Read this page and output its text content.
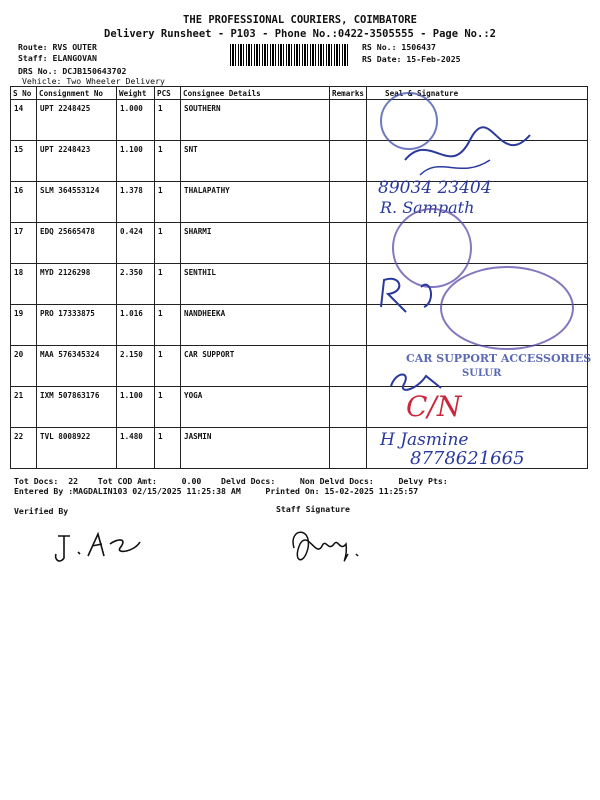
THE PROFESSIONAL COURIERS, COIMBATORE
Delivery Runsheet - P103 - Phone No.:0422-3505555 - Page No.:2
Route: RVS OUTER
Staff: ELANGOVAN
DRS No.: DCJB150643702
Vehicle: Two Wheeler Delivery
RS No.: 1506437
RS Date: 15-Feb-2025
S No	Consignment No	Weight	PCS	Consignee Details	Remarks	Seal & Signature
14	UPT 2248425	1.000	1	SOUTHERN		
15	UPT 2248423	1.100	1	SNT		
16	SLM 364553124	1.378	1	THALAPATHY		
17	EDQ 25665478	0.424	1	SHARMI		
18	MYD 2126298	2.350	1	SENTHIL		
19	PRO 17333875	1.016	1	NANDHEEKA		
20	MAA 576345324	2.150	1	CAR SUPPORT		
21	IXM 507863176	1.100	1	YOGA		
22	TVL 8008922	1.480	1	JASMIN		
89034 23404
R. Sampath
CAR SUPPORT ACCESSORIES
SULUR
C/N
H Jasmine
8778621665
Tot Docs:  22    Tot COD Amt:     0.00    Delvd Docs:     Non Delvd Docs:     Delvy Pts:
Entered By :MAGDALIN103 02/15/2025 11:25:38 AM     Printed On: 15-02-2025 11:25:57
Verified By	Staff Signature
